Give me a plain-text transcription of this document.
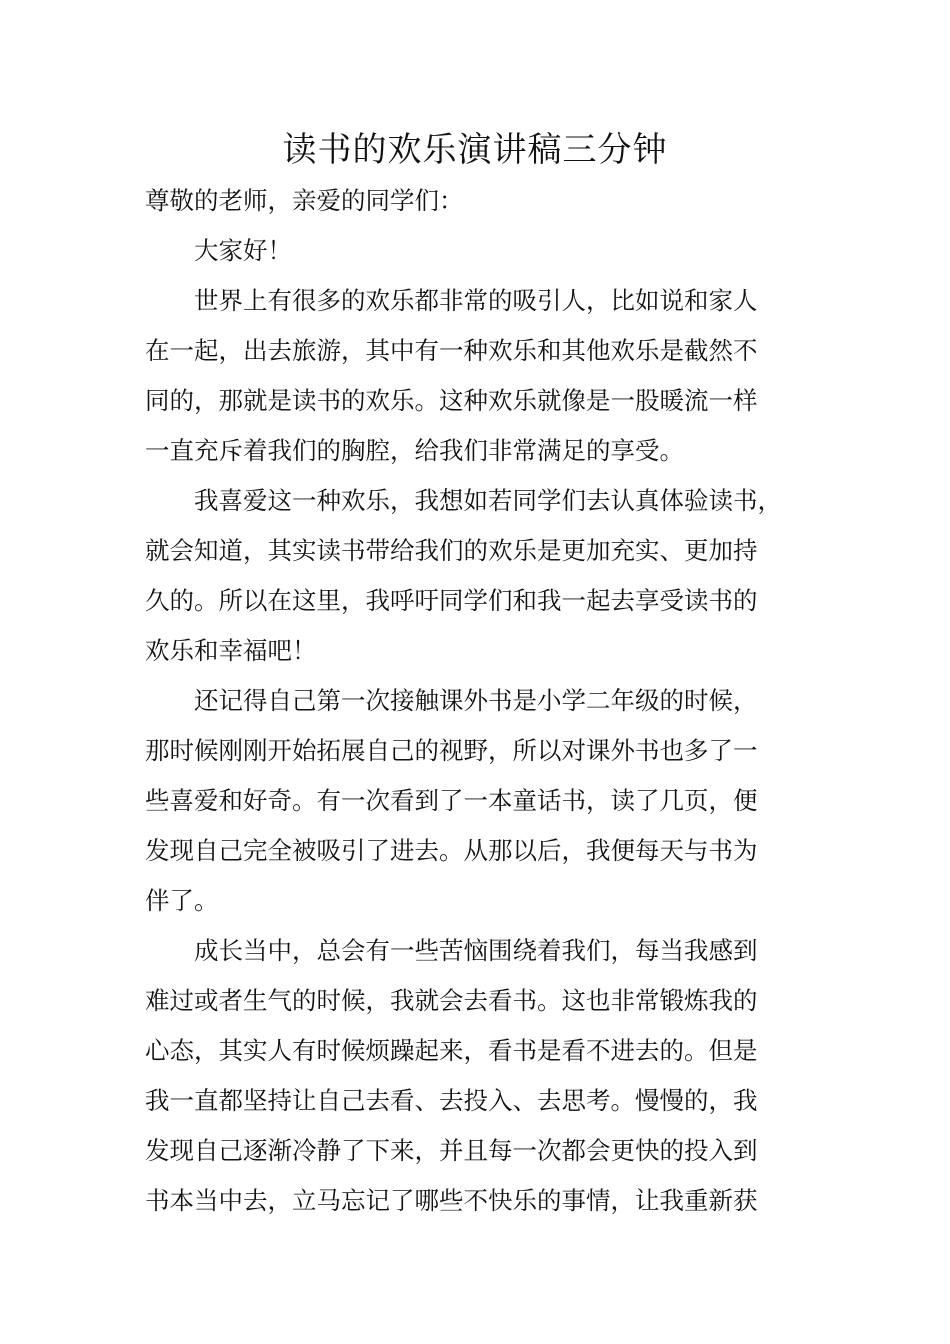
读书的欢乐演讲稿三分钟
尊敬的老师，亲爱的同学们：
大家好！
世界上有很多的欢乐都非常的吸引人，比如说和家人
在一起，出去旅游，其中有一种欢乐和其他欢乐是截然不
同的，那就是读书的欢乐。这种欢乐就像是一股暖流一样
一直充斥着我们的胸腔，给我们非常满足的享受。
我喜爱这一种欢乐，我想如若同学们去认真体验读书，
就会知道，其实读书带给我们的欢乐是更加充实、更加持
久的。所以在这里，我呼吁同学们和我一起去享受读书的
欢乐和幸福吧！
还记得自己第一次接触课外书是小学二年级的时候，
那时候刚刚开始拓展自己的视野，所以对课外书也多了一
些喜爱和好奇。有一次看到了一本童话书，读了几页，便
发现自己完全被吸引了进去。从那以后，我便每天与书为
伴了。
成长当中，总会有一些苦恼围绕着我们，每当我感到
难过或者生气的时候，我就会去看书。这也非常锻炼我的
心态，其实人有时候烦躁起来，看书是看不进去的。但是
我一直都坚持让自己去看、去投入、去思考。慢慢的，我
发现自己逐渐冷静了下来，并且每一次都会更快的投入到
书本当中去，立马忘记了哪些不快乐的事情，让我重新获
